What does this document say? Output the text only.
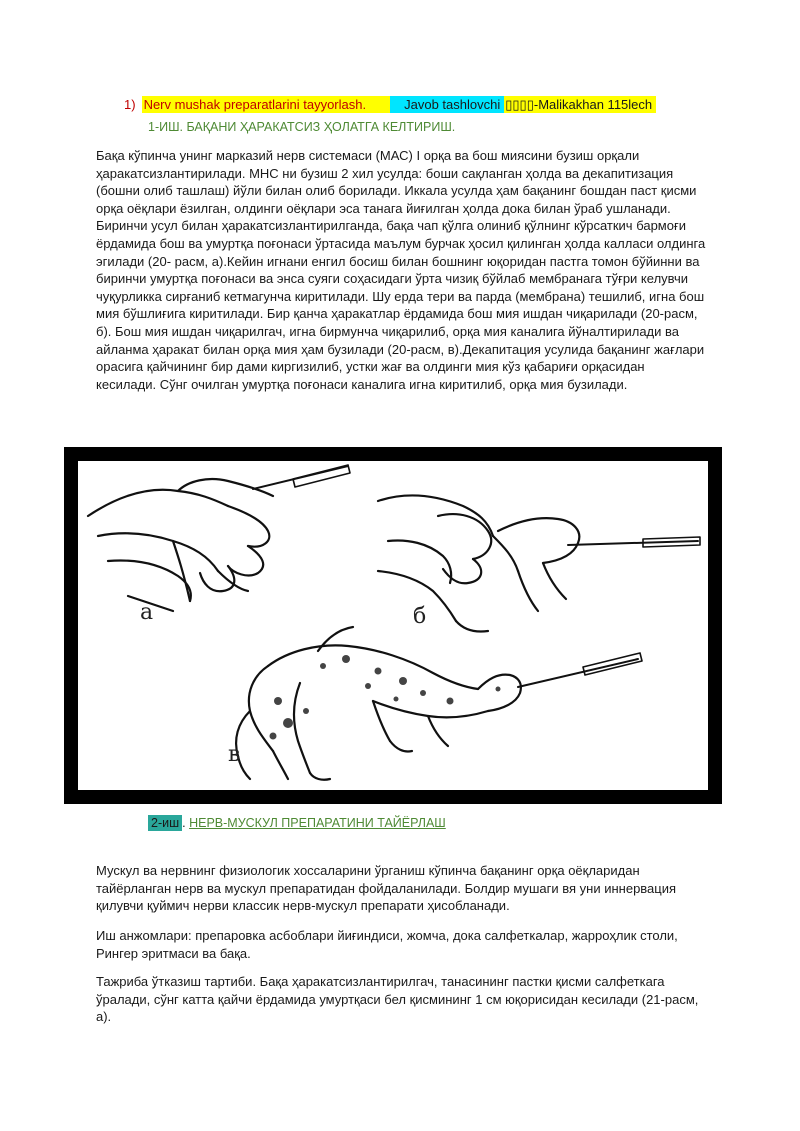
1) Nerv mushak preparatlarini tayyorlash.	Javob tashlovchi ▯▯▯▯-Malikakhan 115lech
1-ИШ. БАҚАНИ ҲАРАКАТСИЗ ҲОЛАТГА КЕЛТИРИШ.

Бақа кўпинча унинг марказий нерв системаси (МАС) I орқа ва бош миясини бузиш орқали ҳаракатсизлантирилади. МНС ни бузиш 2 хил усулда: боши сақланган ҳолда ва декапитизация (бошни олиб ташлаш) йўли билан олиб борилади. Иккала усулда ҳам бақанинг бошдан паст қисми орқа оёқлари ёзилган, олдинги оёқлари эса танага йиғилган ҳолда дока билан ўраб ушланади. Биринчи усул билан ҳаракатсизлантирилганда, бақа чап қўлга олиниб қўлнинг кўрсаткич бармоғи ёрдамида бош ва умуртқа поғонаси ўртасида маълум бурчак ҳосил қилинган ҳолда калласи олдинга эгилади (20- расм, а).Кейин игнани енгил босиш билан бошнинг юқоридан пастга томон бўйинни ва биринчи умуртқа поғонаси ва энса суяги соҳасидаги ўрта чизиқ бўйлаб мембранага тўғри келувчи чуқурликка сирғаниб кетмагунча киритилади. Шу ерда тери ва парда (мембрана) тешилиб, игна бош мия бўшлиғига киритилади. Бир қанча ҳаракатлар ёрдамида бош мия ишдан чиқарилади (20-расм, б). Бош мия ишдан чиқарилгач, игна бирмунча чиқарилиб, орқа мия каналига йўналтирилади ва айланма ҳаракат билан орқа мия ҳам бузилади (20-расм, в).Декапитация усулида бақанинг жағлари орасига қайчининг бир дами киргизилиб, устки жағ ва олдинги мия кўз қабариғи орқасидан кесилади. Сўнг очилган умуртқа поғонаси каналига игна киритилиб, орқа мия бузилади.

a	б
в
2-иш . НЕРВ-МУСКУЛ ПРЕПАРАТИНИ ТАЙЁРЛАШ

Мускул ва нервнинг физиологик хоссаларини ўрганиш кўпинча бақанинг орқа оёқларидан тайёрланган нерв ва мускул препаратидан фойдаланилади. Болдир мушаги вя уни иннервация қилувчи қуймич нерви классик нерв-мускул препарати ҳисобланади.

Иш анжомлари: препаровка асбоблари йиғиндиси, жомча, дока салфеткалар, жарроҳлик столи, Рингер эритмаси ва бақа.

Тажриба ўтказиш тартиби. Бақа ҳаракатсизлантирилгач, танасининг пастки қисми салфеткага ўралади, сўнг катта қайчи ёрдамида умуртқаси бел қисмининг 1 см юқорисидан кесилади (21-расм, а).
